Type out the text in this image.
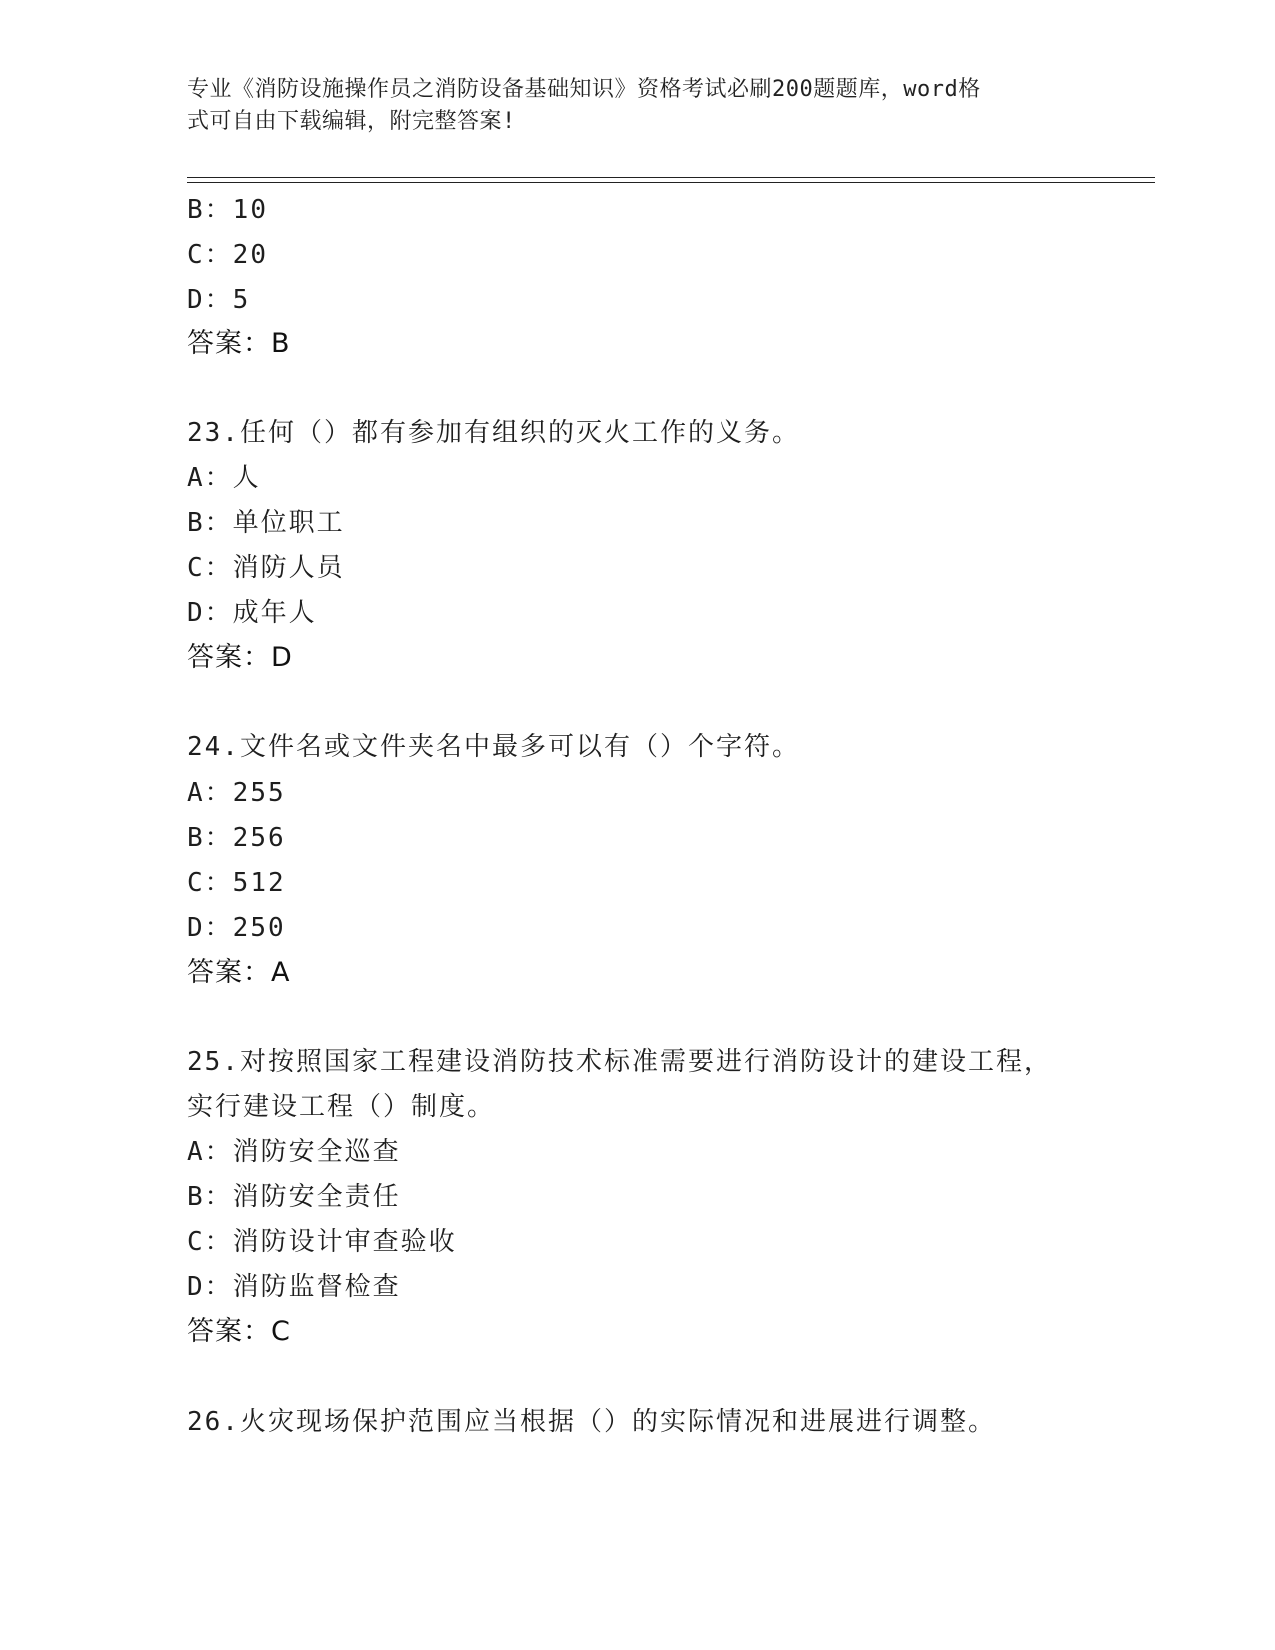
专业《消防设施操作员之消防设备基础知识》资格考试必刷200题题库，word格
式可自由下载编辑，附完整答案!
B：10
C：20
D：5
答案：B
23.任何（）都有参加有组织的灭火工作的义务。
A：人
B：单位职工
C：消防人员
D：成年人
答案：D
24.文件名或文件夹名中最多可以有（）个字符。
A：255
B：256
C：512
D：250
答案：A
25.对按照国家工程建设消防技术标准需要进行消防设计的建设工程，
实行建设工程（）制度。
A：消防安全巡查
B：消防安全责任
C：消防设计审查验收
D：消防监督检查
答案：C
26.火灾现场保护范围应当根据（）的实际情况和进展进行调整。
